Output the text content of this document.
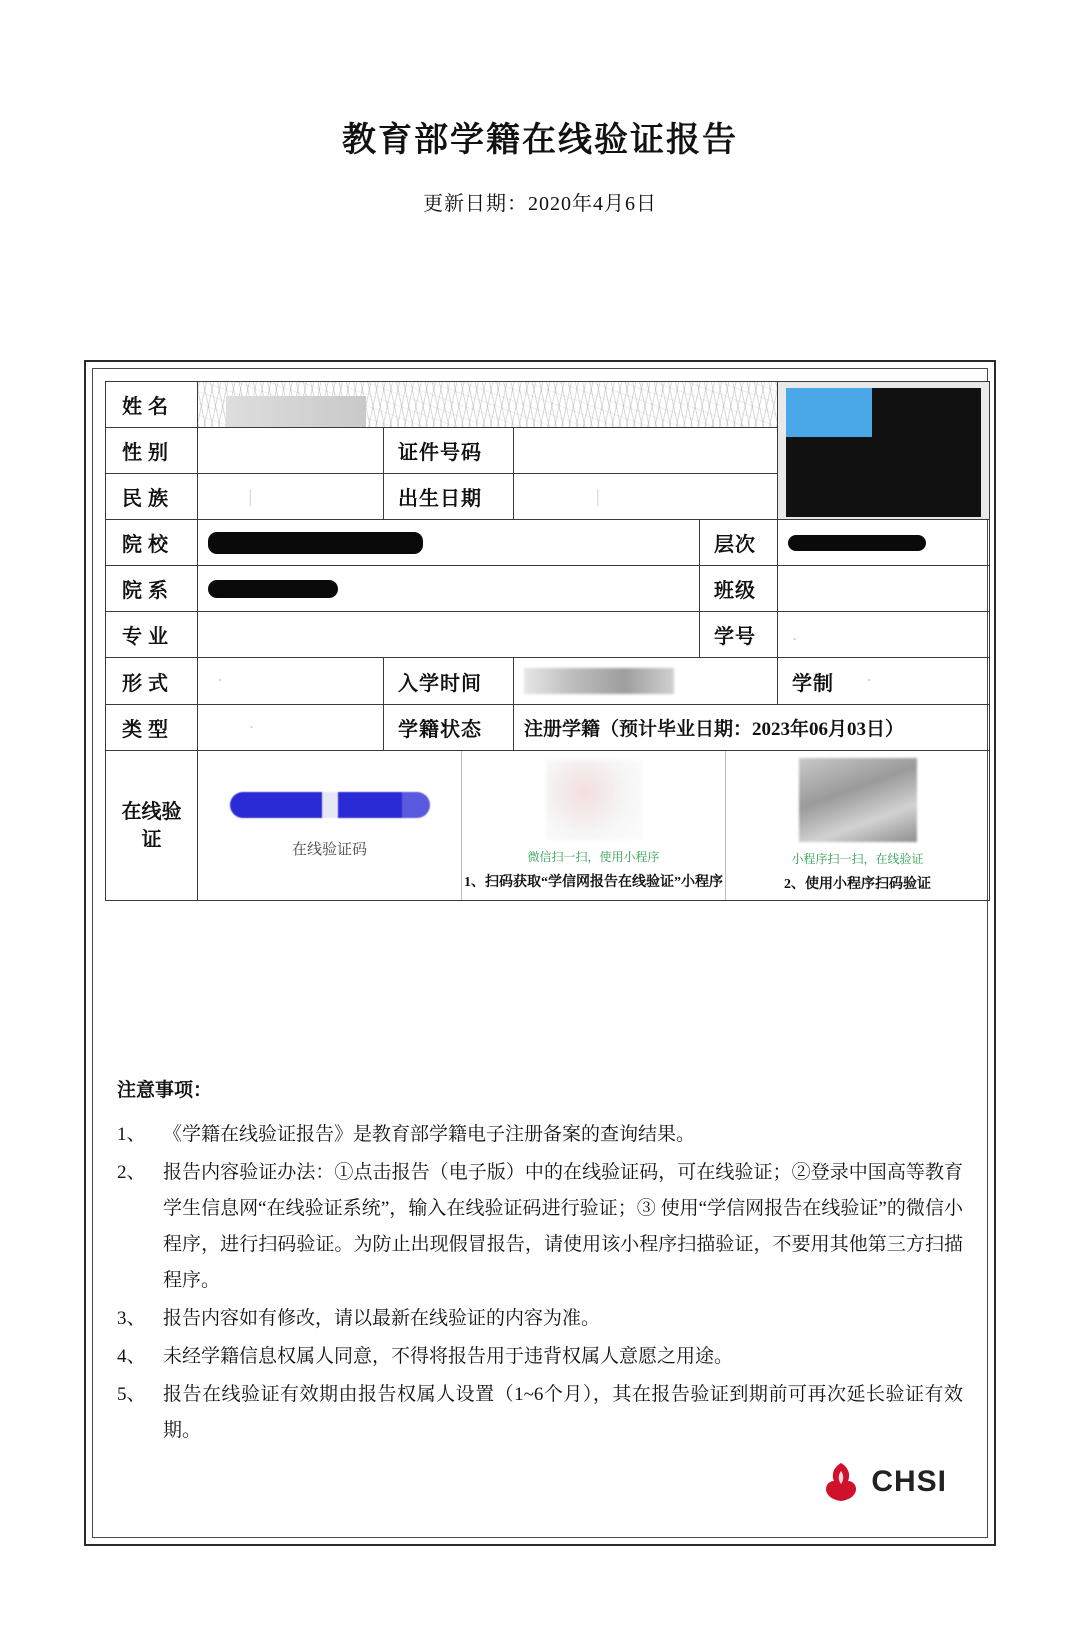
教育部学籍在线验证报告
更新日期：2020年4月6日
姓名	

性别		证件号码	
民族	|	出生日期	|
院校		层次	
院系		班级	
专业		学号	.
形式	·	入学时间			学制	·

类型	·	学籍状态	注册学籍（预计毕业日期：2023年06月03日）
在线验证	在线验证码	微信扫一扫，使用小程序
1、扫码获取“学信网报告在线验证”小程序
小程序扫一扫，在线验证
2、使用小程序扫码验证
注意事项：
1、 《学籍在线验证报告》是教育部学籍电子注册备案的查询结果。
2、 报告内容验证办法：①点击报告（电子版）中的在线验证码，可在线验证；②登录中国高等教育学生信息网“在线验证系统”，输入在线验证码进行验证；③ 使用“学信网报告在线验证”的微信小程序，进行扫码验证。为防止出现假冒报告，请使用该小程序扫描验证，不要用其他第三方扫描程序。
3、 报告内容如有修改，请以最新在线验证的内容为准。
4、 未经学籍信息权属人同意，不得将报告用于违背权属人意愿之用途。
5、 报告在线验证有效期由报告权属人设置（1~6个月），其在报告验证到期前可再次延长验证有效期。
CHSI
